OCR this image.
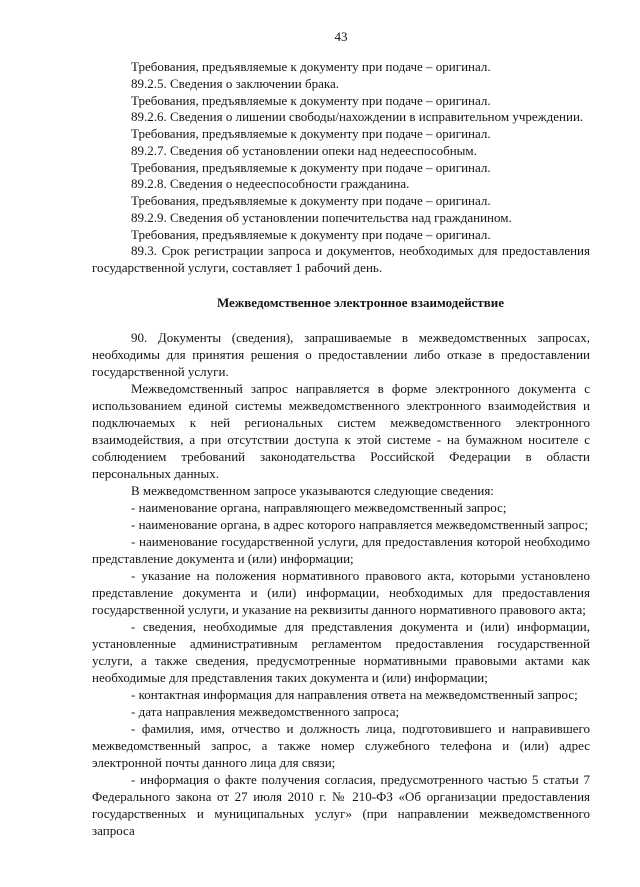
43

Требования, предъявляемые к документу при подаче – оригинал.

89.2.5. Сведения о заключении брака.

Требования, предъявляемые к документу при подаче – оригинал.

89.2.6. Сведения о лишении свободы/нахождении в исправительном учреждении.

Требования, предъявляемые к документу при подаче – оригинал.

89.2.7. Сведения об установлении опеки над недееспособным.

Требования, предъявляемые к документу при подаче – оригинал.

89.2.8. Сведения о недееспособности гражданина.

Требования, предъявляемые к документу при подаче – оригинал.

89.2.9. Сведения об установлении попечительства над гражданином.

Требования, предъявляемые к документу при подаче – оригинал.

89.3. Срок регистрации запроса и документов, необходимых для предоставления государственной услуги, составляет 1 рабочий день.

Межведомственное электронное взаимодействие

90. Документы (сведения), запрашиваемые в межведомственных запросах, необходимы для принятия решения о предоставлении либо отказе в предоставлении государственной услуги.

Межведомственный запрос направляется в форме электронного документа с использованием единой системы межведомственного электронного взаимодействия и подключаемых к ней региональных систем межведомственного электронного взаимодействия, а при отсутствии доступа к этой системе - на бумажном носителе с соблюдением требований законодательства Российской Федерации в области персональных данных.

В межведомственном запросе указываются следующие сведения:

- наименование органа, направляющего межведомственный запрос;

- наименование органа, в адрес которого направляется межведомственный запрос;

- наименование государственной услуги, для предоставления которой необходимо представление документа и (или) информации;

- указание на положения нормативного правового акта, которыми установлено представление документа и (или) информации, необходимых для предоставления государственной услуги, и указание на реквизиты данного нормативного правового акта;

- сведения, необходимые для представления документа и (или) информации, установленные административным регламентом предоставления государственной услуги, а также сведения, предусмотренные нормативными правовыми актами как необходимые для представления таких документа и (или) информации;

- контактная информация для направления ответа на межведомственный запрос;

- дата направления межведомственного запроса;

- фамилия, имя, отчество и должность лица, подготовившего и направившего межведомственный запрос, а также номер служебного телефона и (или) адрес электронной почты данного лица для связи;

- информация о факте получения согласия, предусмотренного частью 5 статьи 7 Федерального закона от 27 июля 2010 г. № 210-ФЗ «Об организации предоставления государственных и муниципальных услуг» (при направлении межведомственного запроса
